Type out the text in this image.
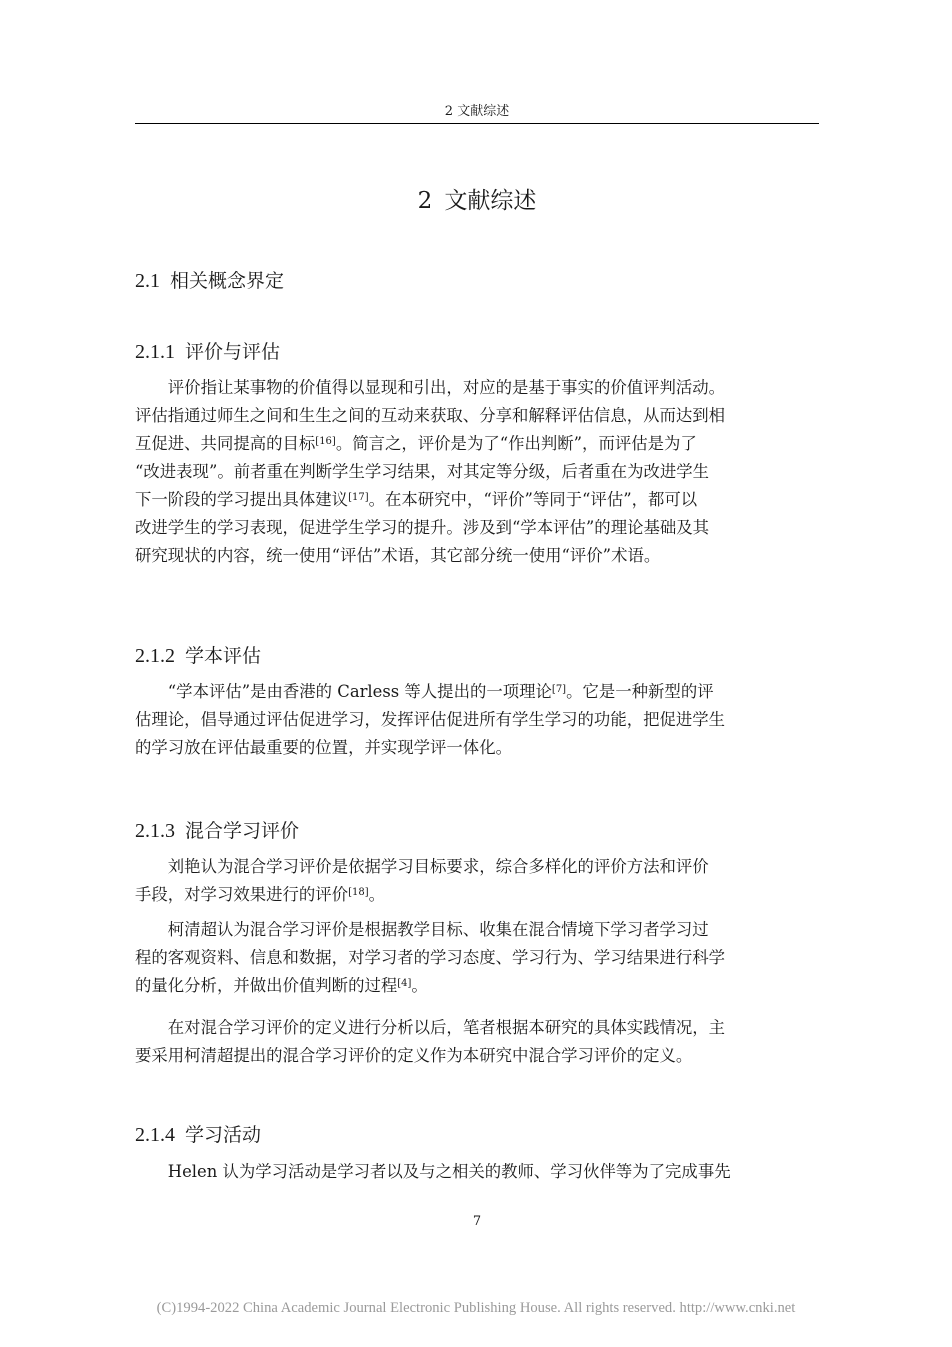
2 文献综述
2 文献综述
2.1 相关概念界定
2.1.1 评价与评估
评价指让某事物的价值得以显现和引出，对应的是基于事实的价值评判活动。
评估指通过师生之间和生生之间的互动来获取、分享和解释评估信息，从而达到相
互促进、共同提高的目标[16]。简言之，评价是为了“作出判断”，而评估是为了
“改进表现”。前者重在判断学生学习结果，对其定等分级，后者重在为改进学生
下一阶段的学习提出具体建议[17]。在本研究中，“评价”等同于“评估”，都可以
改进学生的学习表现，促进学生学习的提升。涉及到“学本评估”的理论基础及其
研究现状的内容，统一使用“评估”术语，其它部分统一使用“评价”术语。
2.1.2 学本评估
“学本评估”是由香港的 Carless 等人提出的一项理论[7]。它是一种新型的评
估理论，倡导通过评估促进学习，发挥评估促进所有学生学习的功能，把促进学生
的学习放在评估最重要的位置，并实现学评一体化。
2.1.3 混合学习评价
刘艳认为混合学习评价是依据学习目标要求，综合多样化的评价方法和评价
手段，对学习效果进行的评价[18]。
柯清超认为混合学习评价是根据教学目标、收集在混合情境下学习者学习过
程的客观资料、信息和数据，对学习者的学习态度、学习行为、学习结果进行科学
的量化分析，并做出价值判断的过程[4]。
在对混合学习评价的定义进行分析以后，笔者根据本研究的具体实践情况，主
要采用柯清超提出的混合学习评价的定义作为本研究中混合学习评价的定义。
2.1.4 学习活动
Helen 认为学习活动是学习者以及与之相关的教师、学习伙伴等为了完成事先
7
(C)1994-2022 China Academic Journal Electronic Publishing House. All rights reserved. http://www.cnki.net
